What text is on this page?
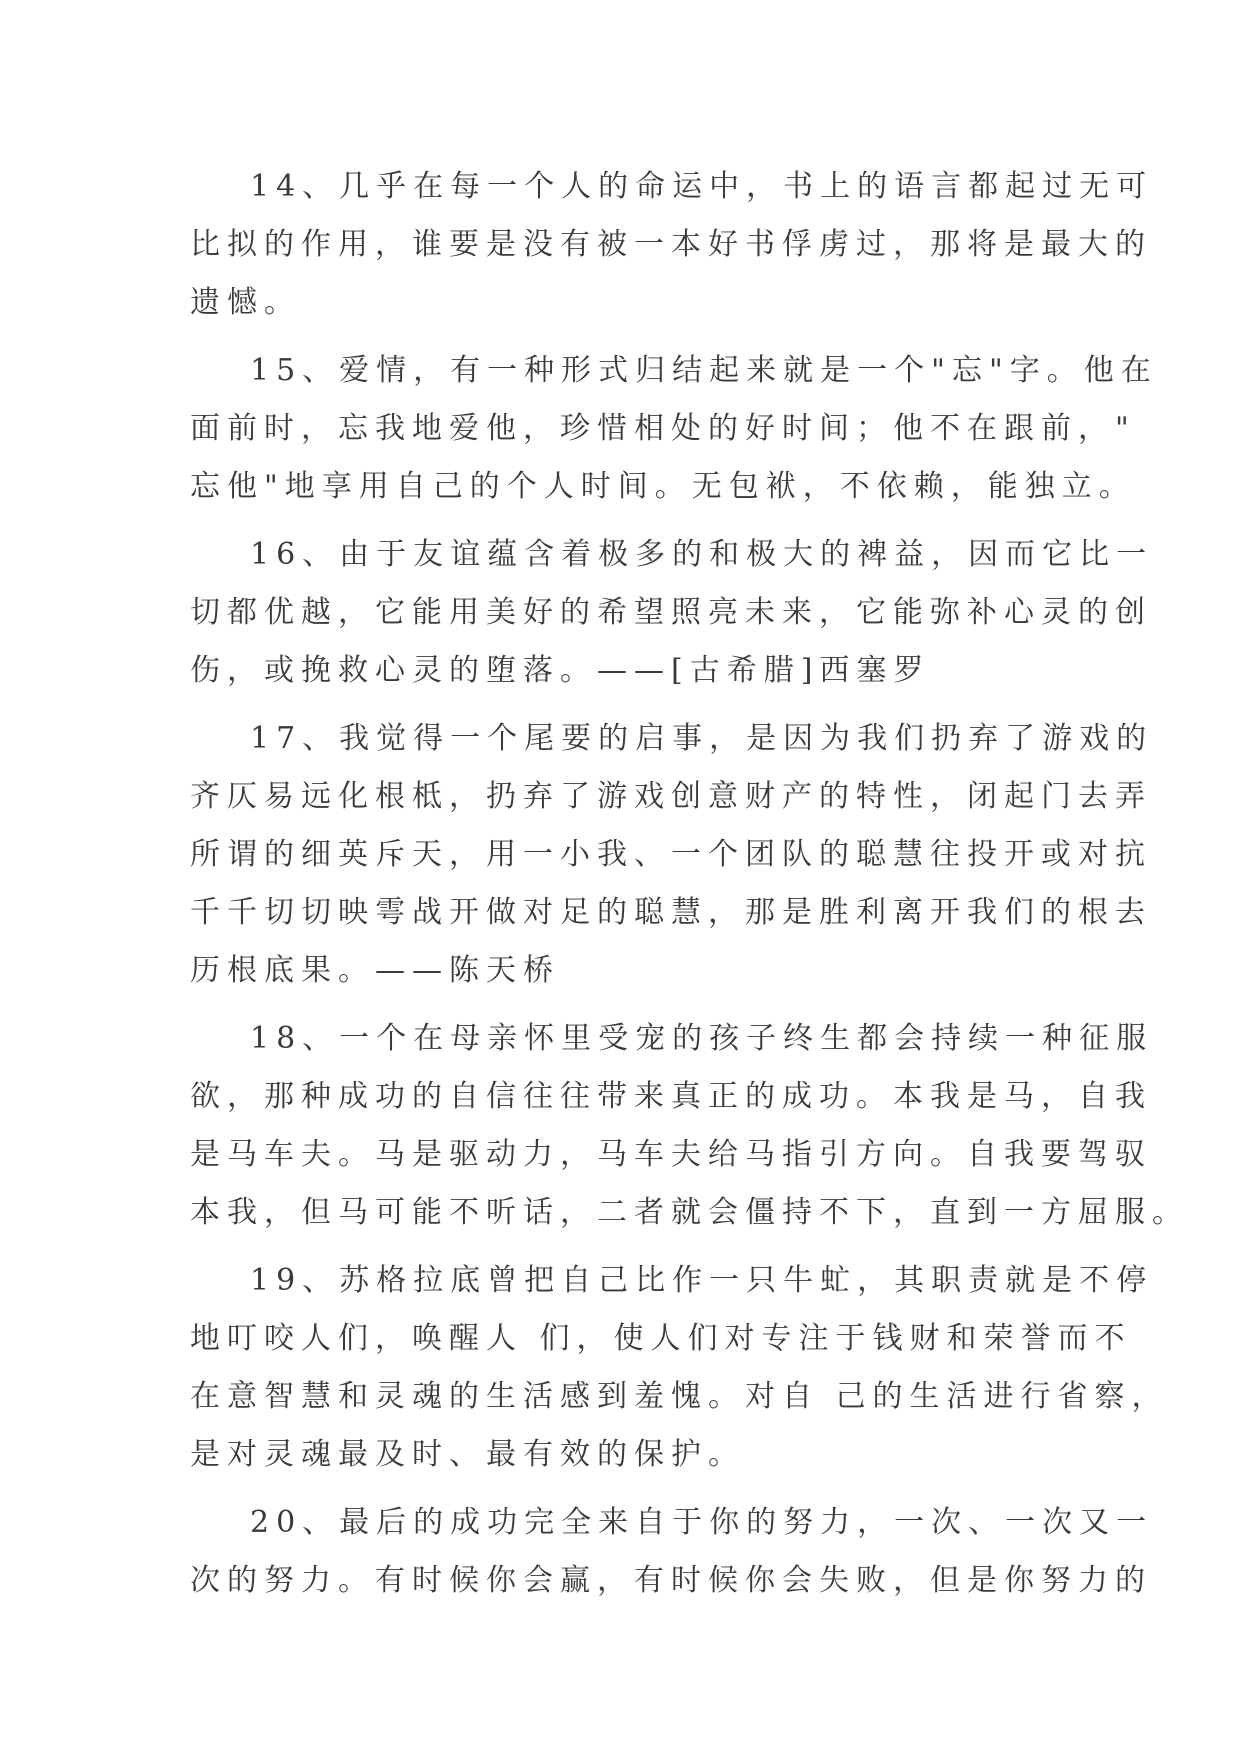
14、几乎在每一个人的命运中，书上的语言都起过无可
比拟的作用，谁要是没有被一本好书俘虏过，那将是最大的
遗憾。
15、爱情，有一种形式归结起来就是一个"忘"字。他在
面前时，忘我地爱他，珍惜相处的好时间；他不在跟前，"
忘他"地享用自己的个人时间。无包袱，不依赖，能独立。
16、由于友谊蕴含着极多的和极大的裨益，因而它比一
切都优越，它能用美好的希望照亮未来，它能弥补心灵的创
伤，或挽救心灵的堕落。——[古希腊]西塞罗
17、我觉得一个尾要的启事，是因为我们扔弃了游戏的
齐仄易远化根柢，扔弃了游戏创意财产的特性，闭起门去弄
所谓的细英斥天，用一小我、一个团队的聪慧往投开或对抗
千千切切映雩战开做对足的聪慧，那是胜利离开我们的根去
历根底果。——陈天桥
18、一个在母亲怀里受宠的孩子终生都会持续一种征服
欲，那种成功的自信往往带来真正的成功。本我是马，自我
是马车夫。马是驱动力，马车夫给马指引方向。自我要驾驭
本我，但马可能不听话，二者就会僵持不下，直到一方屈服。
19、苏格拉底曾把自己比作一只牛虻，其职责就是不停
地叮咬人们，唤醒人 们，使人们对专注于钱财和荣誉而不
在意智慧和灵魂的生活感到羞愧。对自 己的生活进行省察，
是对灵魂最及时、最有效的保护。
20、最后的成功完全来自于你的努力，一次、一次又一
次的努力。有时候你会赢，有时候你会失败，但是你努力的
